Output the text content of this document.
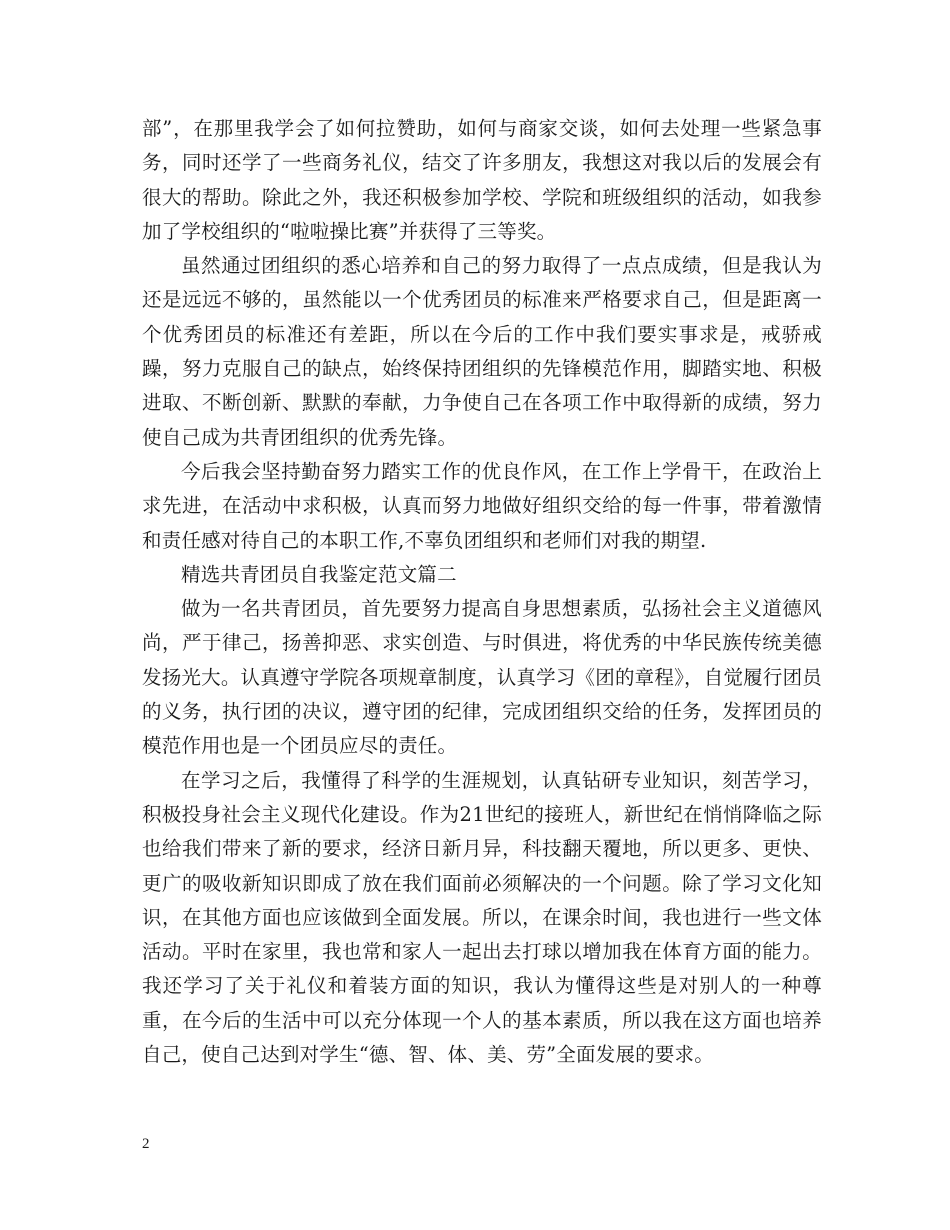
部”，在那里我学会了如何拉赞助，如何与商家交谈，如何去处理一些紧急事务，同时还学了一些商务礼仪，结交了许多朋友，我想这对我以后的发展会有很大的帮助。除此之外，我还积极参加学校、学院和班级组织的活动，如我参加了学校组织的“啦啦操比赛”并获得了三等奖。

虽然通过团组织的悉心培养和自己的努力取得了一点点成绩，但是我认为还是远远不够的，虽然能以一个优秀团员的标准来严格要求自己，但是距离一个优秀团员的标准还有差距，所以在今后的工作中我们要实事求是，戒骄戒躁，努力克服自己的缺点，始终保持团组织的先锋模范作用，脚踏实地、积极进取、不断创新、默默的奉献，力争使自己在各项工作中取得新的成绩，努力使自己成为共青团组织的优秀先锋。

今后我会坚持勤奋努力踏实工作的优良作风，在工作上学骨干，在政治上求先进，在活动中求积极，认真而努力地做好组织交给的每一件事，带着激情和责任感对待自己的本职工作,不辜负团组织和老师们对我的期望.

精选共青团员自我鉴定范文篇二

做为一名共青团员，首先要努力提高自身思想素质，弘扬社会主义道德风尚，严于律己，扬善抑恶、求实创造、与时俱进，将优秀的中华民族传统美德发扬光大。认真遵守学院各项规章制度，认真学习《团的章程》，自觉履行团员的义务，执行团的决议，遵守团的纪律，完成团组织交给的任务，发挥团员的模范作用也是一个团员应尽的责任。

在学习之后，我懂得了科学的生涯规划，认真钻研专业知识，刻苦学习，积极投身社会主义现代化建设。作为21世纪的接班人，新世纪在悄悄降临之际也给我们带来了新的要求，经济日新月异，科技翻天覆地，所以更多、更快、更广的吸收新知识即成了放在我们面前必须解决的一个问题。除了学习文化知识，在其他方面也应该做到全面发展。所以，在课余时间，我也进行一些文体活动。平时在家里，我也常和家人一起出去打球以增加我在体育方面的能力。我还学习了关于礼仪和着装方面的知识，我认为懂得这些是对别人的一种尊重，在今后的生活中可以充分体现一个人的基本素质，所以我在这方面也培养自己，使自己达到对学生“德、智、体、美、劳”全面发展的要求。

2
